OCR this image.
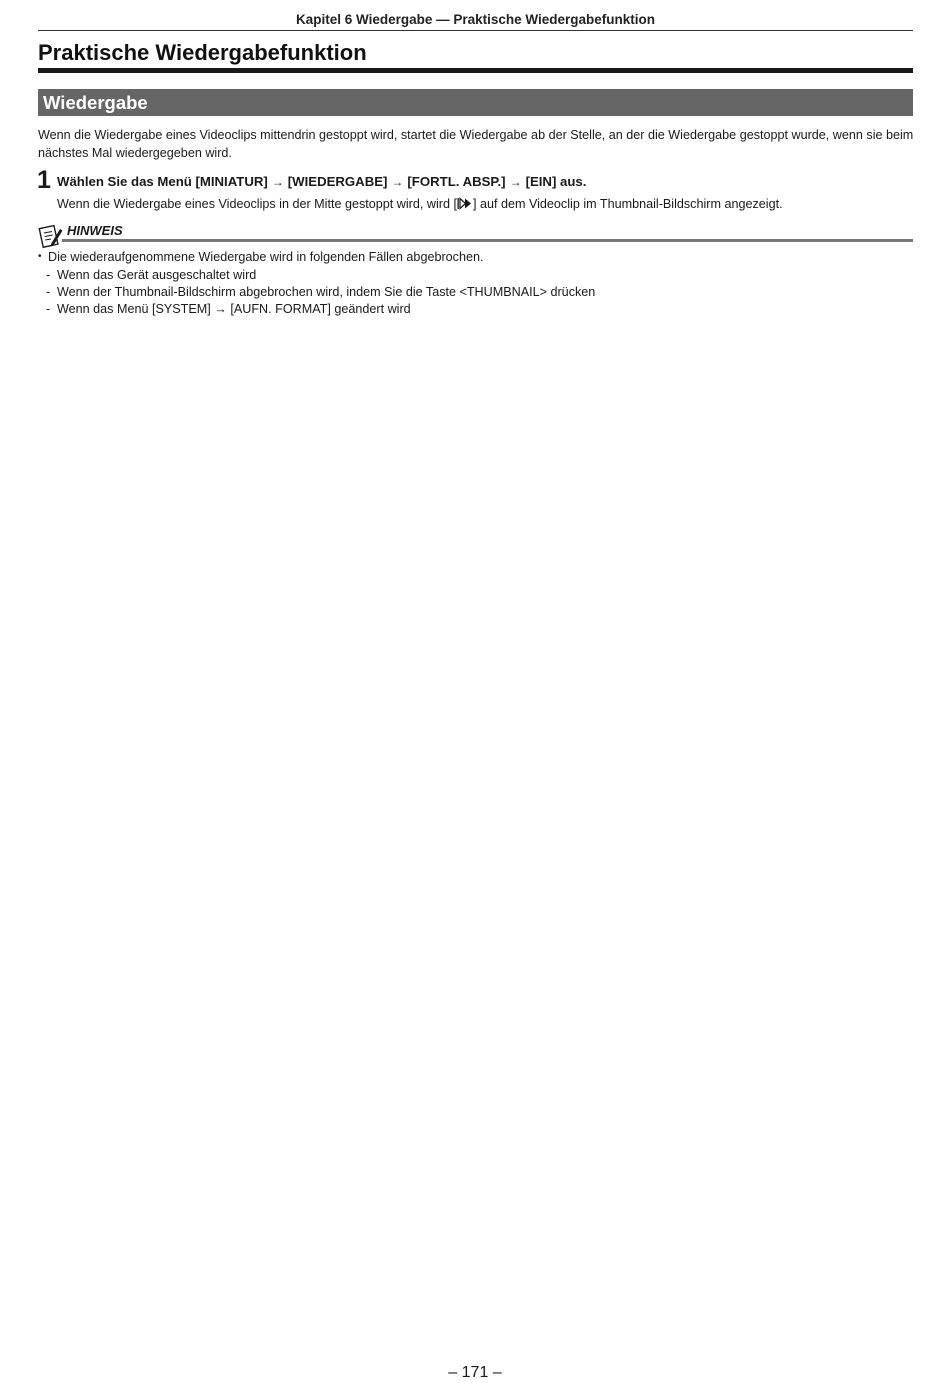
Kapitel 6 Wiedergabe — Praktische Wiedergabefunktion
Praktische Wiedergabefunktion
Wiedergabe

Wenn die Wiedergabe eines Videoclips mittendrin gestoppt wird, startet die Wiedergabe ab der Stelle, an der die Wiedergabe gestoppt wurde, wenn sie beim nächstes Mal wiedergegeben wird.

1 Wählen Sie das Menü [MINIATUR] → [WIEDERGABE] → [FORTL. ABSP.] → [EIN] aus.
Wenn die Wiedergabe eines Videoclips in der Mitte gestoppt wird, wird [ ] auf dem Videoclip im Thumbnail-Bildschirm angezeigt.
HINWEIS
• Die wiederaufgenommene Wiedergabe wird in folgenden Fällen abgebrochen.
- Wenn das Gerät ausgeschaltet wird
- Wenn der Thumbnail-Bildschirm abgebrochen wird, indem Sie die Taste <THUMBNAIL> drücken
- Wenn das Menü [SYSTEM] → [AUFN. FORMAT] geändert wird
– 171 –
